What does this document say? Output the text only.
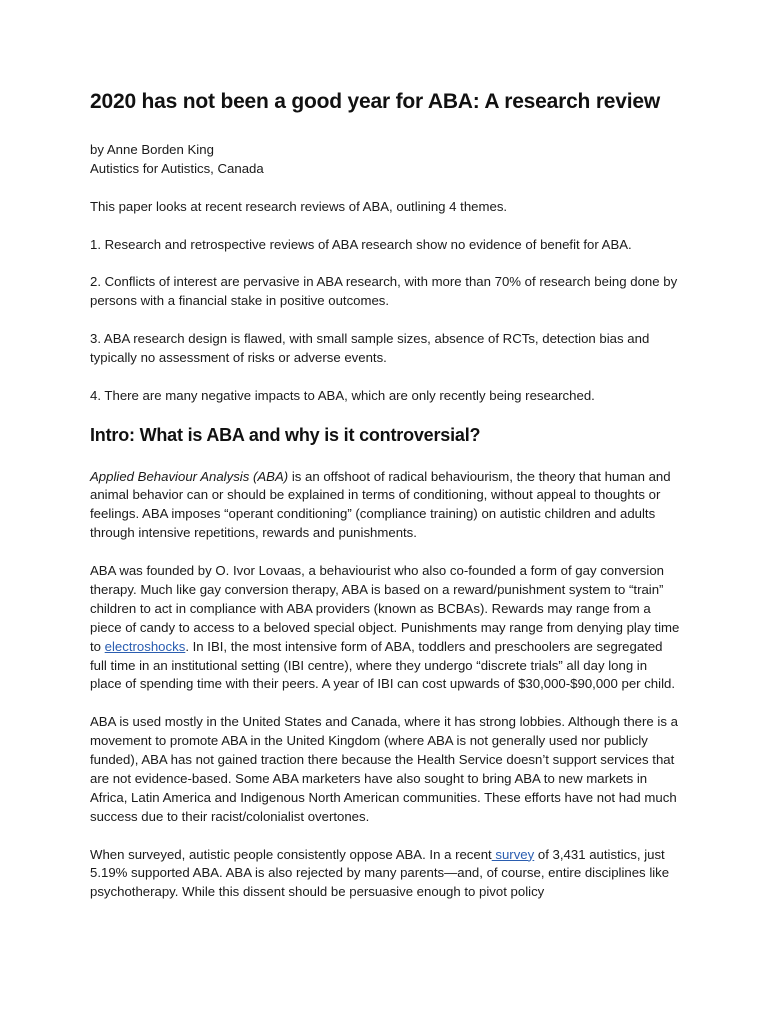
2020 has not been a good year for ABA: A research review

by Anne Borden King
Autistics for Autistics, Canada

This paper looks at recent research reviews of ABA, outlining 4 themes.

1. Research and retrospective reviews of ABA research show no evidence of benefit for ABA.

2. Conflicts of interest are pervasive in ABA research, with more than 70% of research being done by persons with a financial stake in positive outcomes.

3. ABA research design is flawed, with small sample sizes, absence of RCTs, detection bias and typically no assessment of risks or adverse events.

4. There are many negative impacts to ABA, which are only recently being researched.

Intro: What is ABA and why is it controversial?

Applied Behaviour Analysis (ABA) is an offshoot of radical behaviourism, the theory that human and animal behavior can or should be explained in terms of conditioning, without appeal to thoughts or feelings. ABA imposes “operant conditioning” (compliance training) on autistic children and adults through intensive repetitions, rewards and punishments.

ABA was founded by O. Ivor Lovaas, a behaviourist who also co-founded a form of gay conversion therapy. Much like gay conversion therapy, ABA is based on a reward/punishment system to “train” children to act in compliance with ABA providers (known as BCBAs). Rewards may range from a piece of candy to access to a beloved special object. Punishments may range from denying play time to electroshocks. In IBI, the most intensive form of ABA, toddlers and preschoolers are segregated full time in an institutional setting (IBI centre), where they undergo “discrete trials” all day long in place of spending time with their peers. A year of IBI can cost upwards of $30,000-$90,000 per child.

ABA is used mostly in the United States and Canada, where it has strong lobbies. Although there is a movement to promote ABA in the United Kingdom (where ABA is not generally used nor publicly funded), ABA has not gained traction there because the Health Service doesn’t support services that are not evidence-based. Some ABA marketers have also sought to bring ABA to new markets in Africa, Latin America and Indigenous North American communities. These efforts have not had much success due to their racist/colonialist overtones.

When surveyed, autistic people consistently oppose ABA. In a recent survey of 3,431 autistics, just 5.19% supported ABA. ABA is also rejected by many parents—and, of course, entire disciplines like psychotherapy. While this dissent should be persuasive enough to pivot policy
